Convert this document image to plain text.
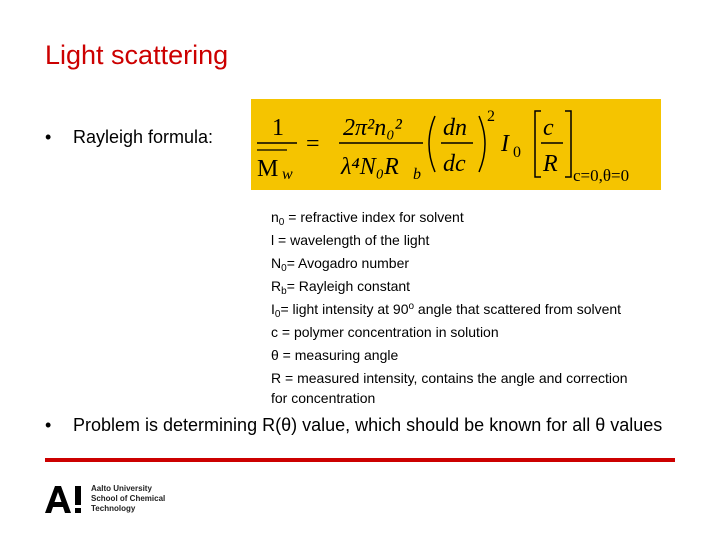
Light scattering
• Rayleigh formula: 1
M w
=
2π²n₀²
λ⁴N₀R b
dn
dc
2
I 0
c
R c=0,θ=0
$n_0$ = refractive index for solvent
l = wavelength of the light
$N_0=$ Avogadro number
$R_b=$ Rayleigh constant
$I_0=$ light intensity at 90$^o$ angle that scattered from solvent
c = polymer concentration in solution
θ = measuring angle
R = measured intensity, contains the angle and correction
for concentration
• Problem is determining R(θ) value, which should be known for all θ values
Aalto University
School of Chemical
Technology
